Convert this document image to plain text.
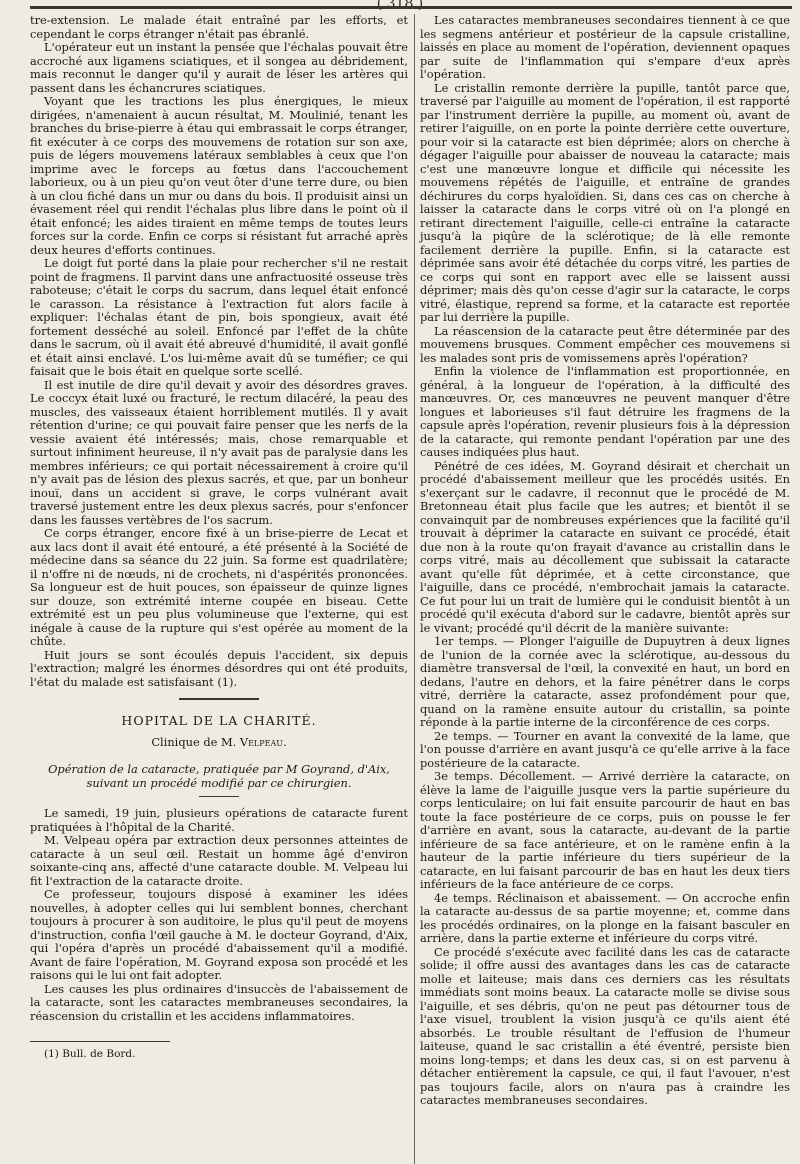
tre-extension. Le malade était entraîné par les efforts, et cependant le corps étranger n'était pas ébranlé.

L'opérateur eut un instant la pensée que l'échalas pouvait être accroché aux ligamens sciatiques, et il songea au débridement, mais reconnut le danger qu'il y aurait de léser les artères qui passent dans les échancrures sciatiques.

Voyant que les tractions les plus énergiques, le mieux dirigées, n'amenaient à aucun résultat, M. Moulinié, tenant les branches du brise-pierre à étau qui embrassait le corps étranger, fit exécuter à ce corps des mouvemens de rotation sur son axe, puis de légers mouvemens latéraux semblables à ceux que l'on imprime avec le forceps au fœtus dans l'accouchement laborieux, ou à un pieu qu'on veut ôter d'une terre dure, ou bien à un clou fiché dans un mur ou dans du bois. Il produisit ainsi un évasement réel qui rendit l'échalas plus libre dans le point où il était enfoncé; les aides tiraient en même temps de toutes leurs forces sur la corde. Enfin ce corps si résistant fut arraché après deux heures d'efforts continues.

Le doigt fut porté dans la plaie pour rechercher s'il ne restait point de fragmens. Il parvint dans une anfractuosité osseuse très raboteuse; c'était le corps du sacrum, dans lequel était enfoncé le carasson. La résistance à l'extraction fut alors facile à expliquer: l'échalas étant de pin, bois spongieux, avait été fortement desséché au soleil. Enfoncé par l'effet de la chûte dans le sacrum, où il avait été abreuvé d'humidité, il avait gonflé et était ainsi enclavé. L'os lui-même avait dû se tuméfier; ce qui faisait que le bois était en quelque sorte scellé.

Il est inutile de dire qu'il devait y avoir des désordres graves. Le coccyx était luxé ou fracturé, le rectum dilacéré, la peau des muscles, des vaisseaux étaient horriblement mutilés. Il y avait rétention d'urine; ce qui pouvait faire penser que les nerfs de la vessie avaient été intéressés; mais, chose remarquable et surtout infiniment heureuse, il n'y avait pas de paralysie dans les membres inférieurs; ce qui portait nécessairement à croire qu'il n'y avait pas de lésion des plexus sacrés, et que, par un bonheur inouï, dans un accident si grave, le corps vulnérant avait traversé justement entre les deux plexus sacrés, pour s'enfoncer dans les fausses vertèbres de l'os sacrum.

Ce corps étranger, encore fixé à un brise-pierre de Lecat et aux lacs dont il avait été entouré, a été présenté à la Société de médecine dans sa séance du 22 juin. Sa forme est quadrilatère; il n'offre ni de nœuds, ni de crochets, ni d'aspérités prononcées. Sa longueur est de huit pouces, son épaisseur de quinze lignes sur douze, son extrémité interne coupée en biseau. Cette extrémité est un peu plus volumineuse que l'externe, qui est inégale à cause de la rupture qui s'est opérée au moment de la chûte.

Huit jours se sont écoulés depuis l'accident, six depuis l'extraction; malgré les énormes désordres qui ont été produits, l'état du malade est satisfaisant (1).

HOPITAL DE LA CHARITÉ.
Clinique de M. Velpeau.

Opération de la cataracte, pratiquée par M Goyrand, d'Aix, suivant un procédé modifié par ce chirurgien.

Le samedi, 19 juin, plusieurs opérations de cataracte furent pratiquées à l'hôpital de la Charité.

M. Velpeau opéra par extraction deux personnes atteintes de cataracte à un seul œil. Restait un homme âgé d'environ soixante-cinq ans, affecté d'une cataracte double. M. Velpeau lui fit l'extraction de la cataracte droite.

Ce professeur, toujours disposé à examiner les idées nouvelles, à adopter celles qui lui semblent bonnes, cherchant toujours à procurer à son auditoire, le plus qu'il peut de moyens d'instruction, confia l'œil gauche à M. le docteur Goyrand, d'Aix, qui l'opéra d'après un procédé d'abaissement qu'il a modifié. Avant de faire l'opération, M. Goyrand exposa son procédé et les raisons qui le lui ont fait adopter.

Les causes les plus ordinaires d'insuccès de l'abaissement de la cataracte, sont les cataractes membraneuses secondaires, la réascension du cristallin et les accidens inflammatoires.

(1) Bull. de Bord.

Les cataractes membraneuses secondaires tiennent à ce que les segmens antérieur et postérieur de la capsule cristalline, laissés en place au moment de l'opération, deviennent opaques par suite de l'inflammation qui s'empare d'eux après l'opération.

Le cristallin remonte derrière la pupille, tantôt parce que, traversé par l'aiguille au moment de l'opération, il est rapporté par l'instrument derrière la pupille, au moment où, avant de retirer l'aiguille, on en porte la pointe derrière cette ouverture, pour voir si la cataracte est bien déprimée; alors on cherche à dégager l'aiguille pour abaisser de nouveau la cataracte; mais c'est une manœuvre longue et difficile qui nécessite les mouvemens répétés de l'aiguille, et entraîne de grandes déchirures du corps hyaloïdien. Si, dans ces cas on cherche à laisser la cataracte dans le corps vitré où on l'a plongé en retirant directement l'aiguille, celle-ci entraîne la cataracte jusqu'à la piqûre de la sclérotique; de là elle remonte facilement derrière la pupille. Enfin, si la cataracte est déprimée sans avoir été détachée du corps vitré, les parties de ce corps qui sont en rapport avec elle se laissent aussi déprimer; mais dès qu'on cesse d'agir sur la cataracte, le corps vitré, élastique, reprend sa forme, et la cataracte est reportée par lui derrière la pupille.

La réascension de la cataracte peut être déterminée par des mouvemens brusques. Comment empêcher ces mouvemens si les malades sont pris de vomissemens après l'opération?

Enfin la violence de l'inflammation est proportionnée, en général, à la longueur de l'opération, à la difficulté des manœuvres. Or, ces manœuvres ne peuvent manquer d'être longues et laborieuses s'il faut détruire les fragmens de la capsule après l'opération, revenir plusieurs fois à la dépression de la cataracte, qui remonte pendant l'opération par une des causes indiquées plus haut.

Pénétré de ces idées, M. Goyrand désirait et cherchait un procédé d'abaissement meilleur que les procédés usités. En s'exerçant sur le cadavre, il reconnut que le procédé de M. Bretonneau était plus facile que les autres; et bientôt il se convainquit par de nombreuses expériences que la facilité qu'il trouvait à déprimer la cataracte en suivant ce procédé, était due non à la route qu'on frayait d'avance au cristallin dans le corps vitré, mais au décollement que subissait la cataracte avant qu'elle fût déprimée, et à cette circonstance, que l'aiguille, dans ce procédé, n'embrochait jamais la cataracte. Ce fut pour lui un trait de lumière qui le conduisit bientôt à un procédé qu'il exécuta d'abord sur le cadavre, bientôt après sur le vivant; procédé qu'il décrit de la manière suivante:

1er temps. — Plonger l'aiguille de Dupuytren à deux lignes de l'union de la cornée avec la sclérotique, au-dessous du diamètre transversal de l'œil, la convexité en haut, un bord en dedans, l'autre en dehors, et la faire pénétrer dans le corps vitré, derrière la cataracte, assez profondément pour que, quand on la ramène ensuite autour du cristallin, sa pointe réponde à la partie interne de la circonférence de ces corps.

2e temps. — Tourner en avant la convexité de la lame, que l'on pousse d'arrière en avant jusqu'à ce qu'elle arrive à la face postérieure de la cataracte.

3e temps. Décollement. — Arrivé derrière la cataracte, on élève la lame de l'aiguille jusque vers la partie supérieure du corps lenticulaire; on lui fait ensuite parcourir de haut en bas toute la face postérieure de ce corps, puis on pousse le fer d'arrière en avant, sous la cataracte, au-devant de la partie inférieure de sa face antérieure, et on le ramène enfin à la hauteur de la partie inférieure du tiers supérieur de la cataracte, en lui faisant parcourir de bas en haut les deux tiers inférieurs de la face antérieure de ce corps.

4e temps. Réclinaison et abaissement. — On accroche enfin la cataracte au-dessus de sa partie moyenne; et, comme dans les procédés ordinaires, on la plonge en la faisant basculer en arrière, dans la partie externe et inférieure du corps vitré.

Ce procédé s'exécute avec facilité dans les cas de cataracte solide; il offre aussi des avantages dans les cas de cataracte molle et laiteuse; mais dans ces derniers cas les résultats immédiats sont moins beaux. La cataracte molle se divise sous l'aiguille, et ses débris, qu'on ne peut pas détourner tous de l'axe visuel, troublent la vision jusqu'à ce qu'ils aient été absorbés. Le trouble résultant de l'effusion de l'humeur laiteuse, quand le sac cristallin a été éventré, persiste bien moins long-temps; et dans les deux cas, si on est parvenu à détacher entièrement la capsule, ce qui, il faut l'avouer, n'est pas toujours facile, alors on n'aura pas à craindre les cataractes membraneuses secondaires.
